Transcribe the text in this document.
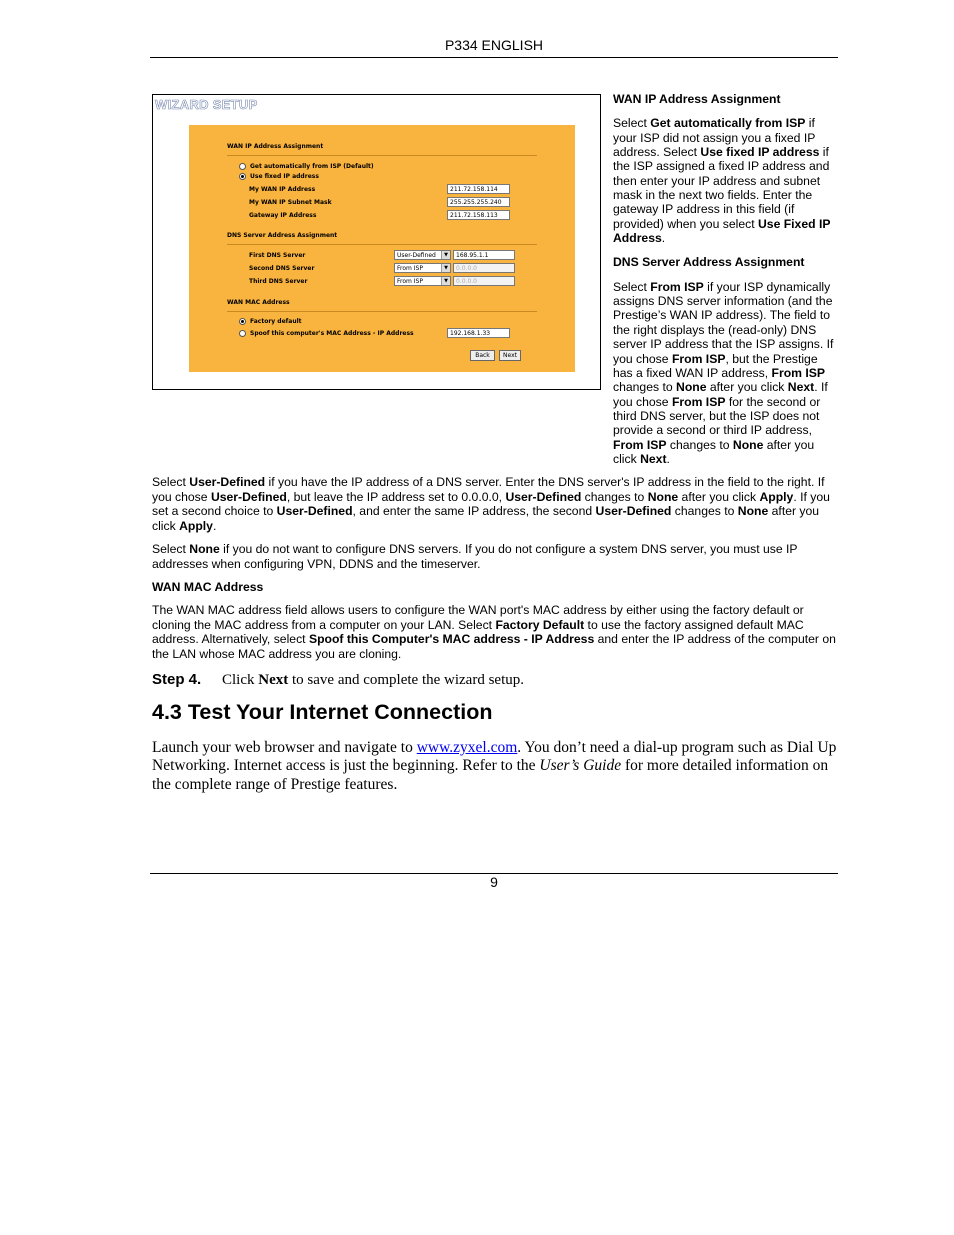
P334 ENGLISH
WIZARD SETUP
WAN IP Address Assignment
Get automatically from ISP (Default)
Use fixed IP address
My WAN IP Address	211.72.158.114
My WAN IP Subnet Mask	255.255.255.240
Gateway IP Address	211.72.158.113
DNS Server Address Assignment
First DNS Server	User-Defined	▼	168.95.1.1
Second DNS Server	From ISP	▼	0.0.0.0
Third DNS Server	From ISP	▼	0.0.0.0
WAN MAC Address
Factory default
Spoof this computer's MAC Address - IP Address	192.168.1.33
Back	Next

WAN IP Address Assignment

Select Get automatically from ISP if your ISP did not assign you a fixed IP address. Select Use fixed IP address if the ISP assigned a fixed IP address and then enter your IP address and subnet mask in the next two fields. Enter the gateway IP address in this field (if provided) when you select Use Fixed IP Address.

DNS Server Address Assignment

Select From ISP if your ISP dynamically assigns DNS server information (and the Prestige’s WAN IP address). The field to the right displays the (read-only) DNS server IP address that the ISP assigns. If you chose From ISP, but the Prestige has a fixed WAN IP address, From ISP changes to None after you click Next. If you chose From ISP for the second or third DNS server, but the ISP does not provide a second or third IP address, From ISP changes to None after you click Next.

Select User-Defined if you have the IP address of a DNS server. Enter the DNS server's IP address in the field to the right. If you chose User-Defined, but leave the IP address set to 0.0.0.0, User-Defined changes to None after you click Apply. If you set a second choice to User-Defined, and enter the same IP address, the second User-Defined changes to None after you click Apply.

Select None if you do not want to configure DNS servers. If you do not configure a system DNS server, you must use IP addresses when configuring VPN, DDNS and the timeserver.

WAN MAC Address

The WAN MAC address field allows users to configure the WAN port's MAC address by either using the factory default or cloning the MAC address from a computer on your LAN. Select Factory Default to use the factory assigned default MAC address. Alternatively, select Spoof this Computer's MAC address - IP Address and enter the IP address of the computer on the LAN whose MAC address you are cloning.

Step 4. Click Next to save and complete the wizard setup.
4.3 Test Your Internet Connection
Launch your web browser and navigate to www.zyxel.com. You don’t need a dial-up program such as Dial Up Networking. Internet access is just the beginning. Refer to the User’s Guide for more detailed information on the complete range of Prestige features.
9
